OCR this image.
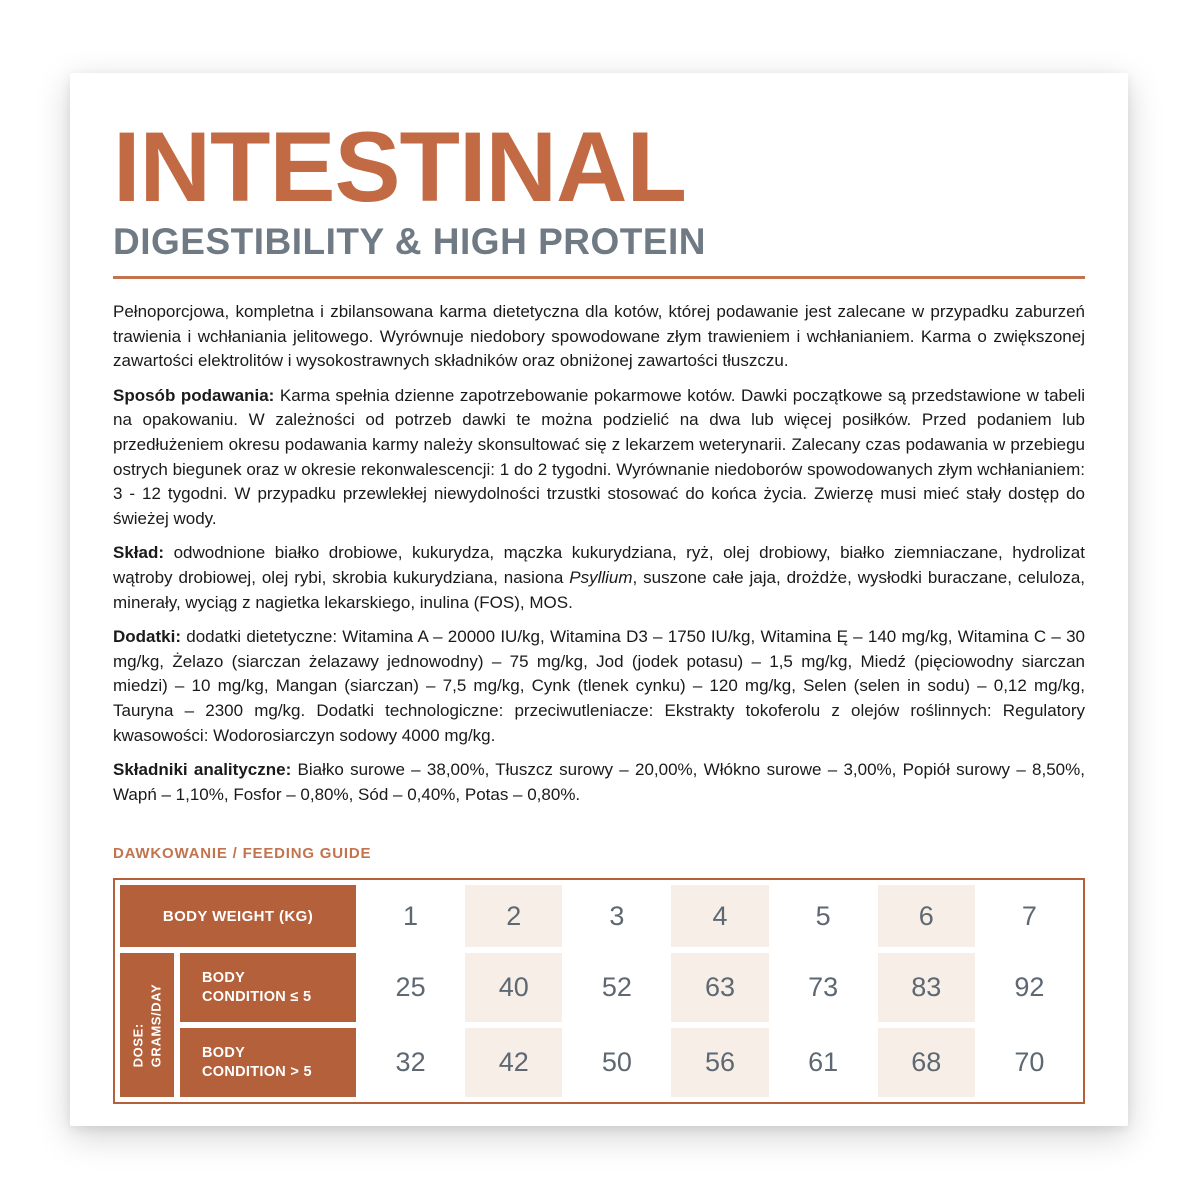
INTESTINAL
DIGESTIBILITY & HIGH PROTEIN

Pełnoporcjowa, kompletna i zbilansowana karma dietetyczna dla kotów, której podawanie jest zalecane w przypadku zaburzeń trawienia i wchłaniania jelitowego. Wyrównuje niedobory spowodowane złym trawieniem i wchłanianiem. Karma o zwiększonej zawartości elektrolitów i wysokostrawnych składników oraz obniżonej zawartości tłuszczu.

Sposób podawania: Karma spełnia dzienne zapotrzebowanie pokarmowe kotów. Dawki początkowe są przedstawione w tabeli na opakowaniu. W zależności od potrzeb dawki te można podzielić na dwa lub więcej posiłków. Przed podaniem lub przedłużeniem okresu podawania karmy należy skonsultować się z lekarzem weterynarii. Zalecany czas podawania w przebiegu ostrych biegunek oraz w okresie rekonwalescencji: 1 do 2 tygodni. Wyrównanie niedoborów spowodowanych złym wchłanianiem: 3 - 12 tygodni. W przypadku przewlekłej niewydolności trzustki stosować do końca życia. Zwierzę musi mieć stały dostęp do świeżej wody.

Skład: odwodnione białko drobiowe, kukurydza, mączka kukurydziana, ryż, olej drobiowy, białko ziemniaczane, hydrolizat wątroby drobiowej, olej rybi, skrobia kukurydziana, nasiona Psyllium, suszone całe jaja, drożdże, wysłodki buraczane, celuloza, minerały, wyciąg z nagietka lekarskiego, inulina (FOS), MOS.

Dodatki: dodatki dietetyczne: Witamina A – 20000 IU/kg, Witamina D3 – 1750 IU/kg, Witamina Ę – 140 mg/kg, Witamina C – 30 mg/kg, Żelazo (siarczan żelazawy jednowodny) – 75 mg/kg, Jod (jodek potasu) – 1,5 mg/kg, Miedź (pięciowodny siarczan miedzi) – 10 mg/kg, Mangan (siarczan) – 7,5 mg/kg, Cynk (tlenek cynku) – 120 mg/kg, Selen (selen in sodu) – 0,12 mg/kg, Tauryna – 2300 mg/kg. Dodatki technologiczne: przeciwutleniacze: Ekstrakty tokoferolu z olejów roślinnych: Regulatory kwasowości: Wodorosiarczyn sodowy 4000 mg/kg.

Składniki analityczne: Białko surowe – 38,00%, Tłuszcz surowy – 20,00%, Włókno surowe – 3,00%, Popiół surowy – 8,50%, Wapń – 1,10%, Fosfor – 0,80%, Sód – 0,40%, Potas – 0,80%.

DAWKOWANIE / FEEDING GUIDE
BODY WEIGHT (KG)	1	2	3	4	5	6	7
DOSE: GRAMS/DAY
BODY
CONDITION ≤ 5	25	40	52	63	73	83	92
BODY
CONDITION > 5	32	42	50	56	61	68	70
